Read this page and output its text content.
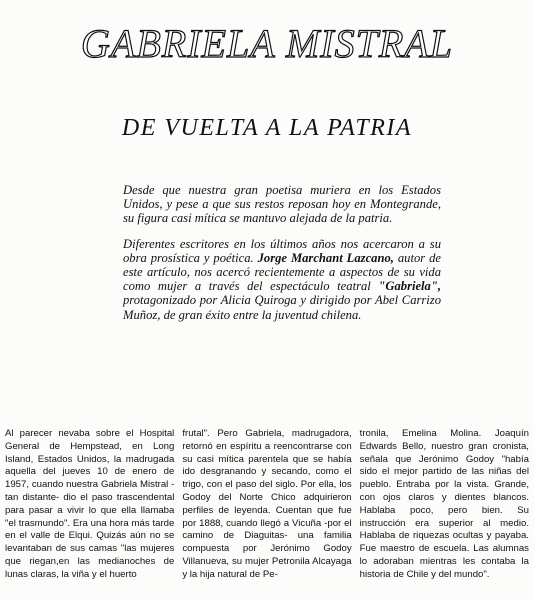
GABRIELA MISTRAL
DE VUELTA A LA PATRIA

Desde que nuestra gran poetisa muriera en los Estados Unidos, y pese a que sus restos reposan hoy en Montegrande, su figura casi mítica se mantuvo alejada de la patria.

Diferentes escritores en los últimos años nos acercaron a su obra prosística y poética. Jorge Marchant Lazcano, autor de este artículo, nos acercó recientemente a aspectos de su vida como mujer a través del espectáculo teatral "Gabriela", protagonizado por Alicia Quiroga y dirigido por Abel Carrizo Muñoz, de gran éxito entre la juventud chilena.

Al parecer nevaba sobre el Hospital General de Hempstead, en Long Island, Estados Unidos, la madrugada aquella del jueves 10 de enero de 1957, cuando nuestra Gabriela Mistral -tan distante- dio el paso trascendental para pasar a vivir lo que ella llamaba "el trasmundo". Era una hora más tarde en el valle de Elqui. Quizás aún no se levantaban de sus camas "las mujeres que riegan,en las medianoches de lunas claras, la viña y el huerto

frutal". Pero Gabriela, madrugadora, retornó en espíritu a reencontrarse con su casi mítica parentela que se había ido desgranando y secando, como el trigo, con el paso del siglo. Por ella, los Godoy del Norte Chico adquirieron perfiles de leyenda. Cuentan que fue por 1888, cuando llegó a Vicuña -por el camino de Diaguitas- una familia compuesta por Jerónimo Godoy Villanueva, su mujer Petronila Alcayaga y la hija natural de Pe-

tronila, Emelina Molina. Joaquín Edwards Bello, nuestro gran cronista, señala que Jerónimo Godoy "había sido el mejor partido de las niñas del pueblo. Entraba por la vista. Grande, con ojos claros y dientes blancos. Hablaba poco, pero bien. Su instrucción era superior al medio. Hablaba de riquezas ocultas y payaba. Fue maestro de escuela. Las alumnas lo adoraban mientras les contaba la historia de Chile y del mundo".
